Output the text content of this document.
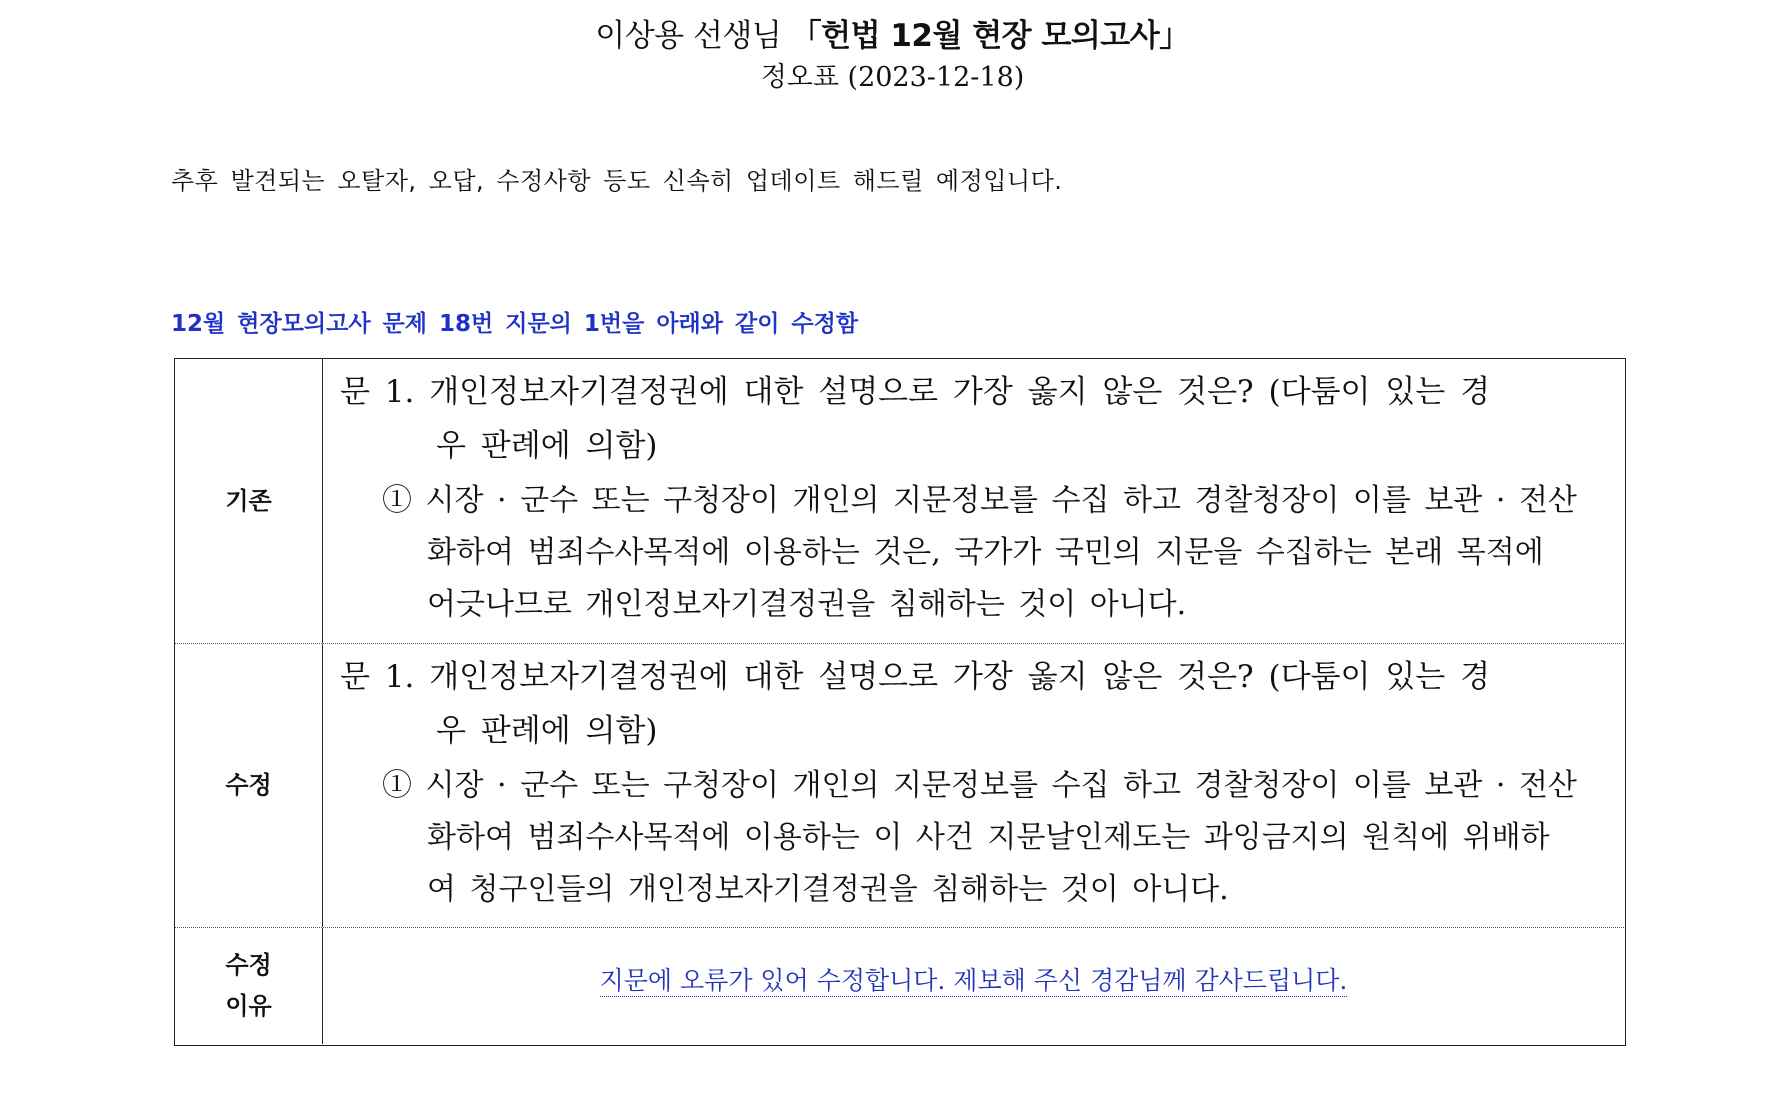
이상용 선생님 「헌법 12월 현장 모의고사」
정오표 (2023-12-18)
추후 발견되는 오탈자, 오답, 수정사항 등도 신속히 업데이트 해드릴 예정입니다.
12월 현장모의고사 문제 18번 지문의 1번을 아래와 같이 수정함
기존
문 1. 개인정보자기결정권에 대한 설명으로 가장 옳지 않은 것은? (다툼이 있는 경
우 판례에 의함)
① 시장 · 군수 또는 구청장이 개인의 지문정보를 수집 하고 경찰청장이 이를 보관 · 전산
화하여 범죄수사목적에 이용하는 것은, 국가가 국민의 지문을 수집하는 본래 목적에
어긋나므로 개인정보자기결정권을 침해하는 것이 아니다.
수정
문 1. 개인정보자기결정권에 대한 설명으로 가장 옳지 않은 것은? (다툼이 있는 경
우 판례에 의함)
① 시장 · 군수 또는 구청장이 개인의 지문정보를 수집 하고 경찰청장이 이를 보관 · 전산
화하여 범죄수사목적에 이용하는 이 사건 지문날인제도는 과잉금지의 원칙에 위배하
여 청구인들의 개인정보자기결정권을 침해하는 것이 아니다.
수정
이유
지문에 오류가 있어 수정합니다. 제보해 주신 경감님께 감사드립니다.
